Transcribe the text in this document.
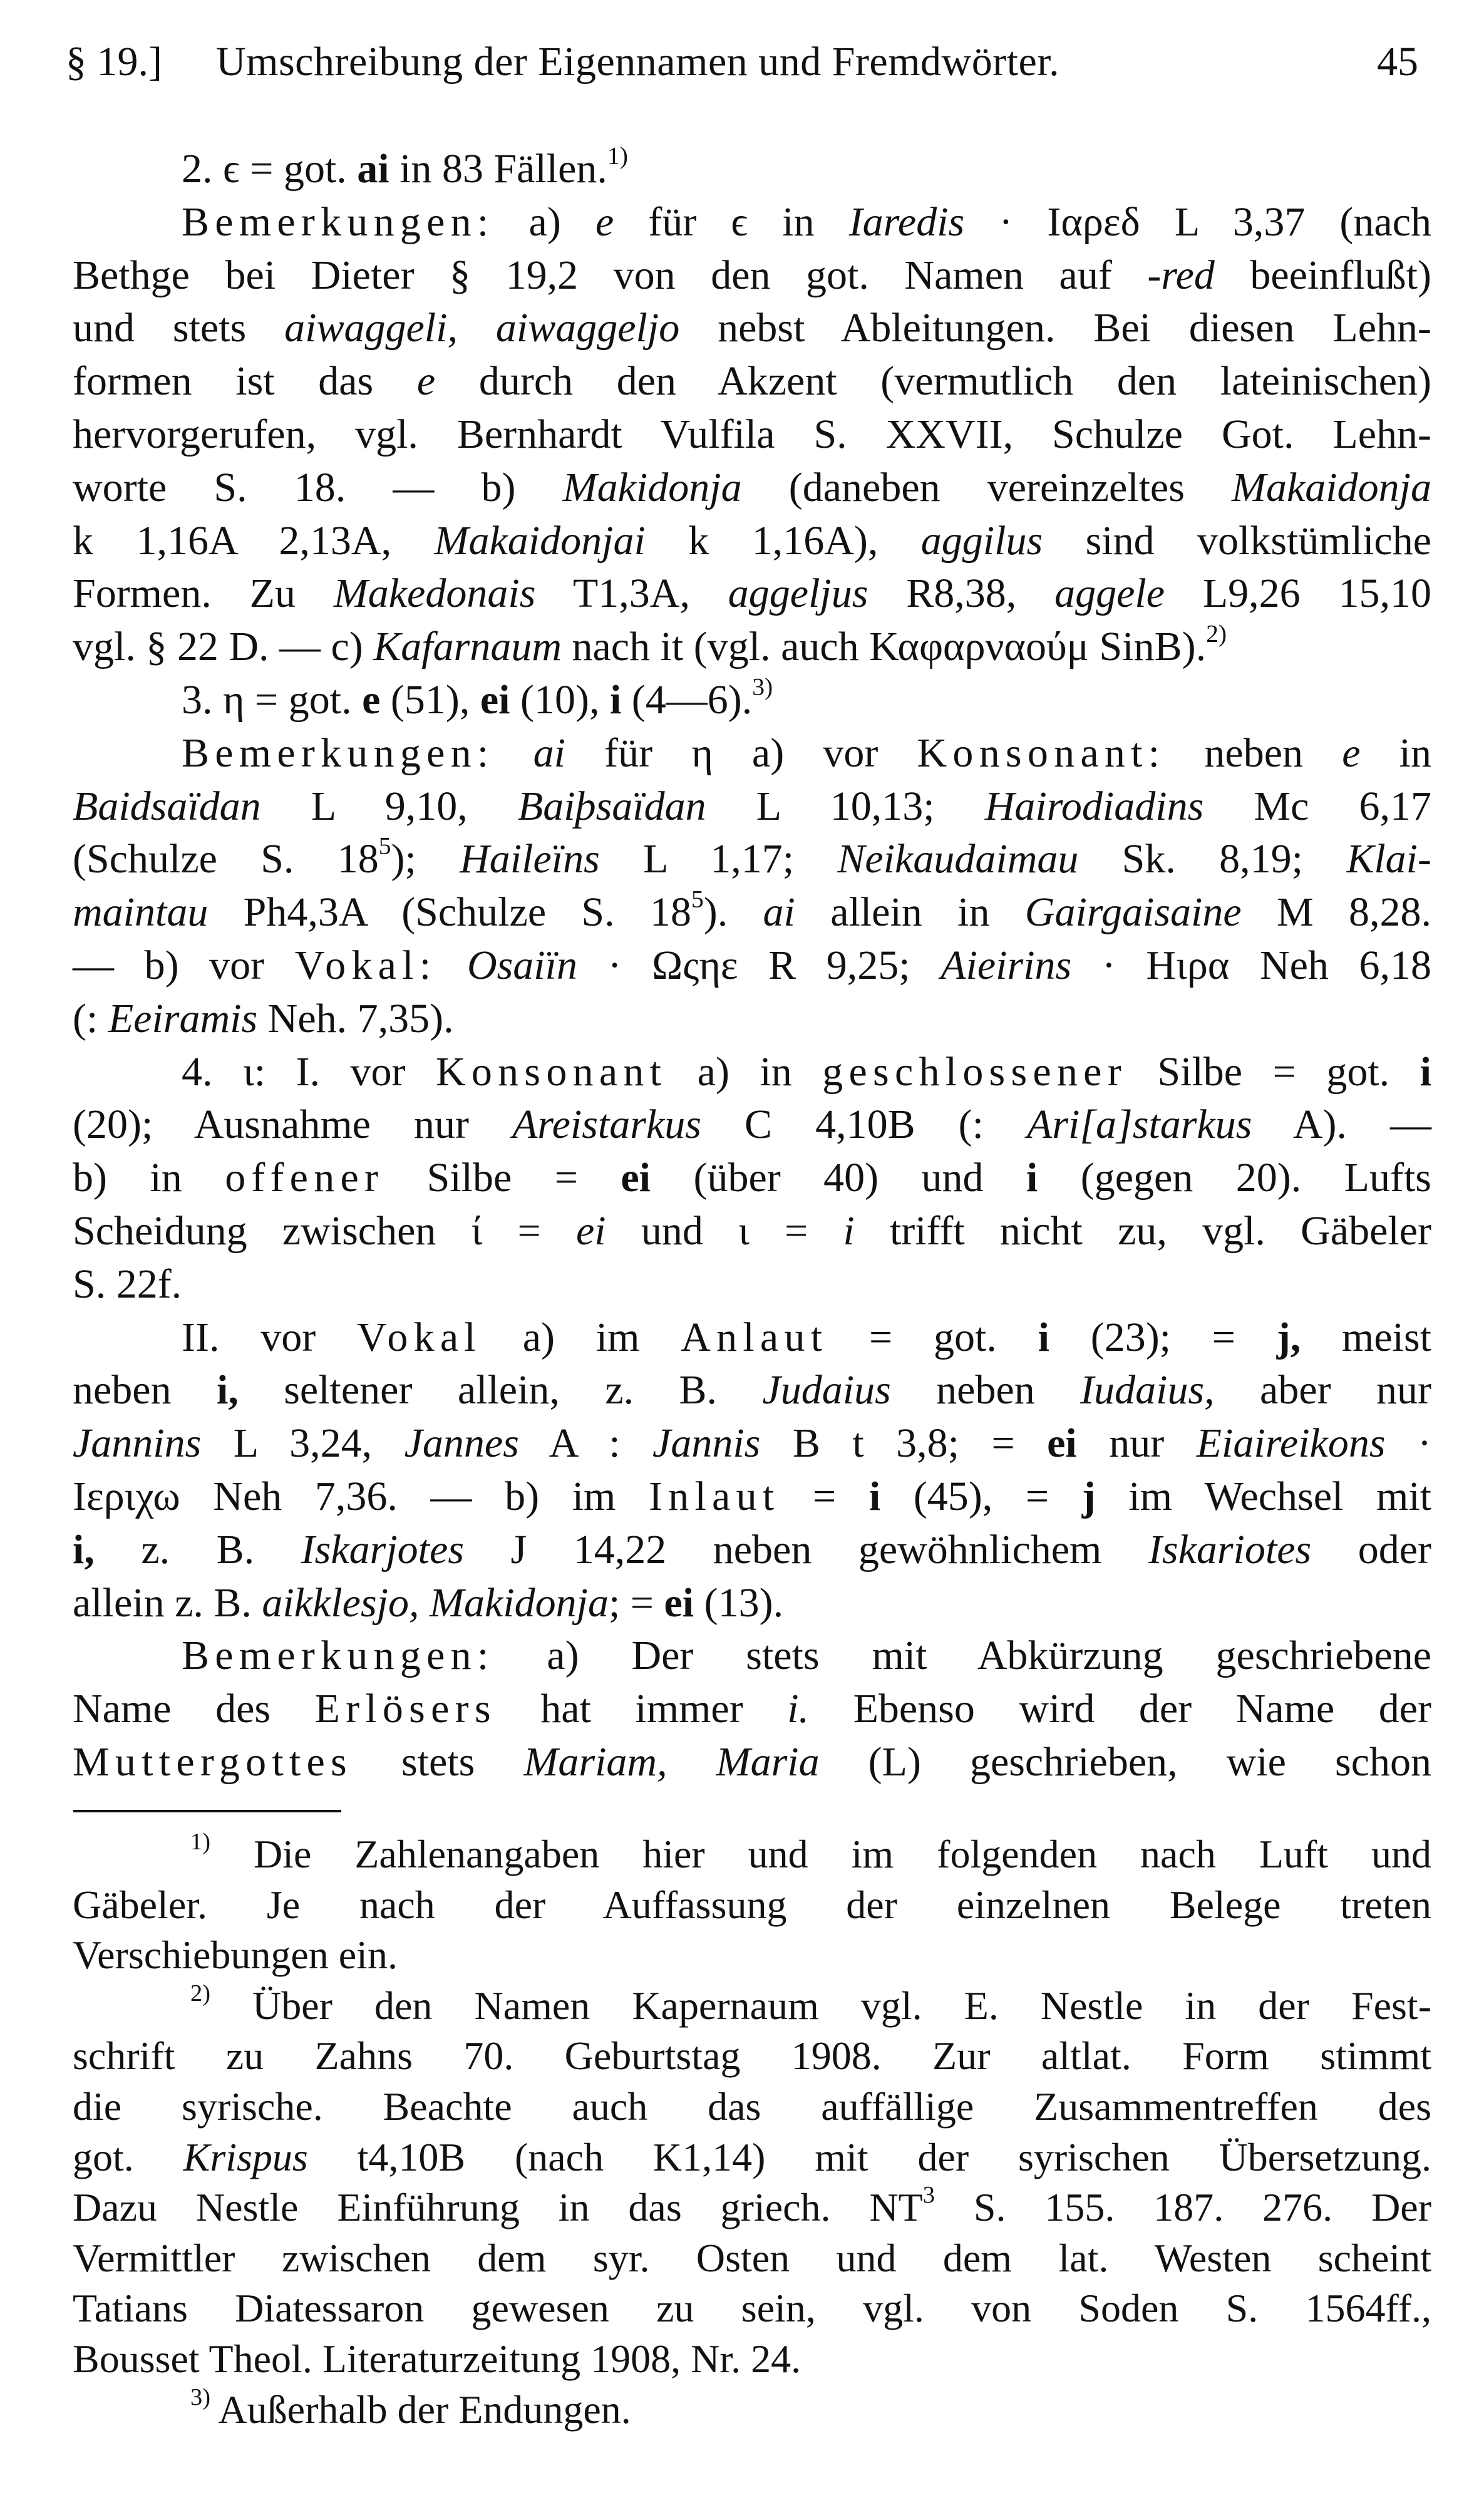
§ 19.] Umschreibung der Eigennamen und Fremdwörter.	45
2. ϵ = got. ai in 83 Fällen.$^{1)}$
Bemerkungen: a) e für ϵ in Iaredis · Ιαρεδ L 3,37 (nach
Bethge bei Dieter § 19,2 von den got. Namen auf -red beeinflußt)
und stets aiwaggeli, aiwaggeljo nebst Ableitungen. Bei diesen Lehn-
formen ist das e durch den Akzent (vermutlich den lateinischen)
hervorgerufen, vgl. Bernhardt Vulfila S. XXVII, Schulze Got. Lehn-
worte S. 18. — b) Makidonja (daneben vereinzeltes Makaidonja
k 1,16A 2,13A, Makaidonjai k 1,16A), aggilus sind volkstümliche
Formen. Zu Makedonais T1,3A, aggeljus R8,38, aggele L9,26 15,10
vgl. § 22 D. — c) Kafarnaum nach it (vgl. auch Καφαρναούμ SinB).$^{2)}$
3. η = got. e (51), ei (10), i (4—6).$^{3)}$
Bemerkungen: ai für η a) vor Konsonant: neben e in
Baidsaïdan L 9,10, Baiþsaïdan L 10,13; Hairodiadins Mc 6,17
(Schulze S. $18^5$); Haileïns L 1,17; Neikaudaimau Sk. 8,19; Klai-
maintau Ph4,3A (Schulze S. $18^5$). ai allein in Gairgaisaine M 8,28.
— b) vor Vokal: Osaiïn · Ωςηε R 9,25; Aieirins · Ηιρα Neh 6,18
(: Eeiramis Neh. 7,35).
4. ι: I. vor Konsonant a) in geschlossener Silbe = got. i
(20); Ausnahme nur Areistarkus C 4,10B (: Ari[a]starkus A). —
b) in offener Silbe = ei (über 40) und i (gegen 20). Lufts
Scheidung zwischen ί = ei und ι = i trifft nicht zu, vgl. Gäbeler
S. 22f.
II. vor Vokal a) im Anlaut = got. i (23); = j, meist
neben i, seltener allein, z. B. Judaius neben Iudaius, aber nur
Jannins L 3,24, Jannes A : Jannis B t 3,8; = ei nur Eiaireikons ·
Ιεριχω Neh 7,36. — b) im Inlaut = i (45), = j im Wechsel mit
i, z. B. Iskarjotes J 14,22 neben gewöhnlichem Iskariotes oder
allein z. B. aikklesjo, Makidonja; = ei (13).
Bemerkungen: a) Der stets mit Abkürzung geschriebene
Name des Erlösers hat immer i. Ebenso wird der Name der
Muttergottes stets Mariam, Maria (L) geschrieben, wie schon
$^{1)}$ Die Zahlenangaben hier und im folgenden nach Luft und
Gäbeler. Je nach der Auffassung der einzelnen Belege treten
Verschiebungen ein.
$^{2)}$ Über den Namen Kapernaum vgl. E. Nestle in der Fest-
schrift zu Zahns 70. Geburtstag 1908. Zur altlat. Form stimmt
die syrische. Beachte auch das auffällige Zusammentreffen des
got. Krispus t4,10B (nach K1,14) mit der syrischen Übersetzung.
Dazu Nestle Einführung in das griech. $NT^3$ S. 155. 187. 276. Der
Vermittler zwischen dem syr. Osten und dem lat. Westen scheint
Tatians Diatessaron gewesen zu sein, vgl. von Soden S. 1564ff.,
Bousset Theol. Literaturzeitung 1908, Nr. 24.
$^{3)}$ Außerhalb der Endungen.
